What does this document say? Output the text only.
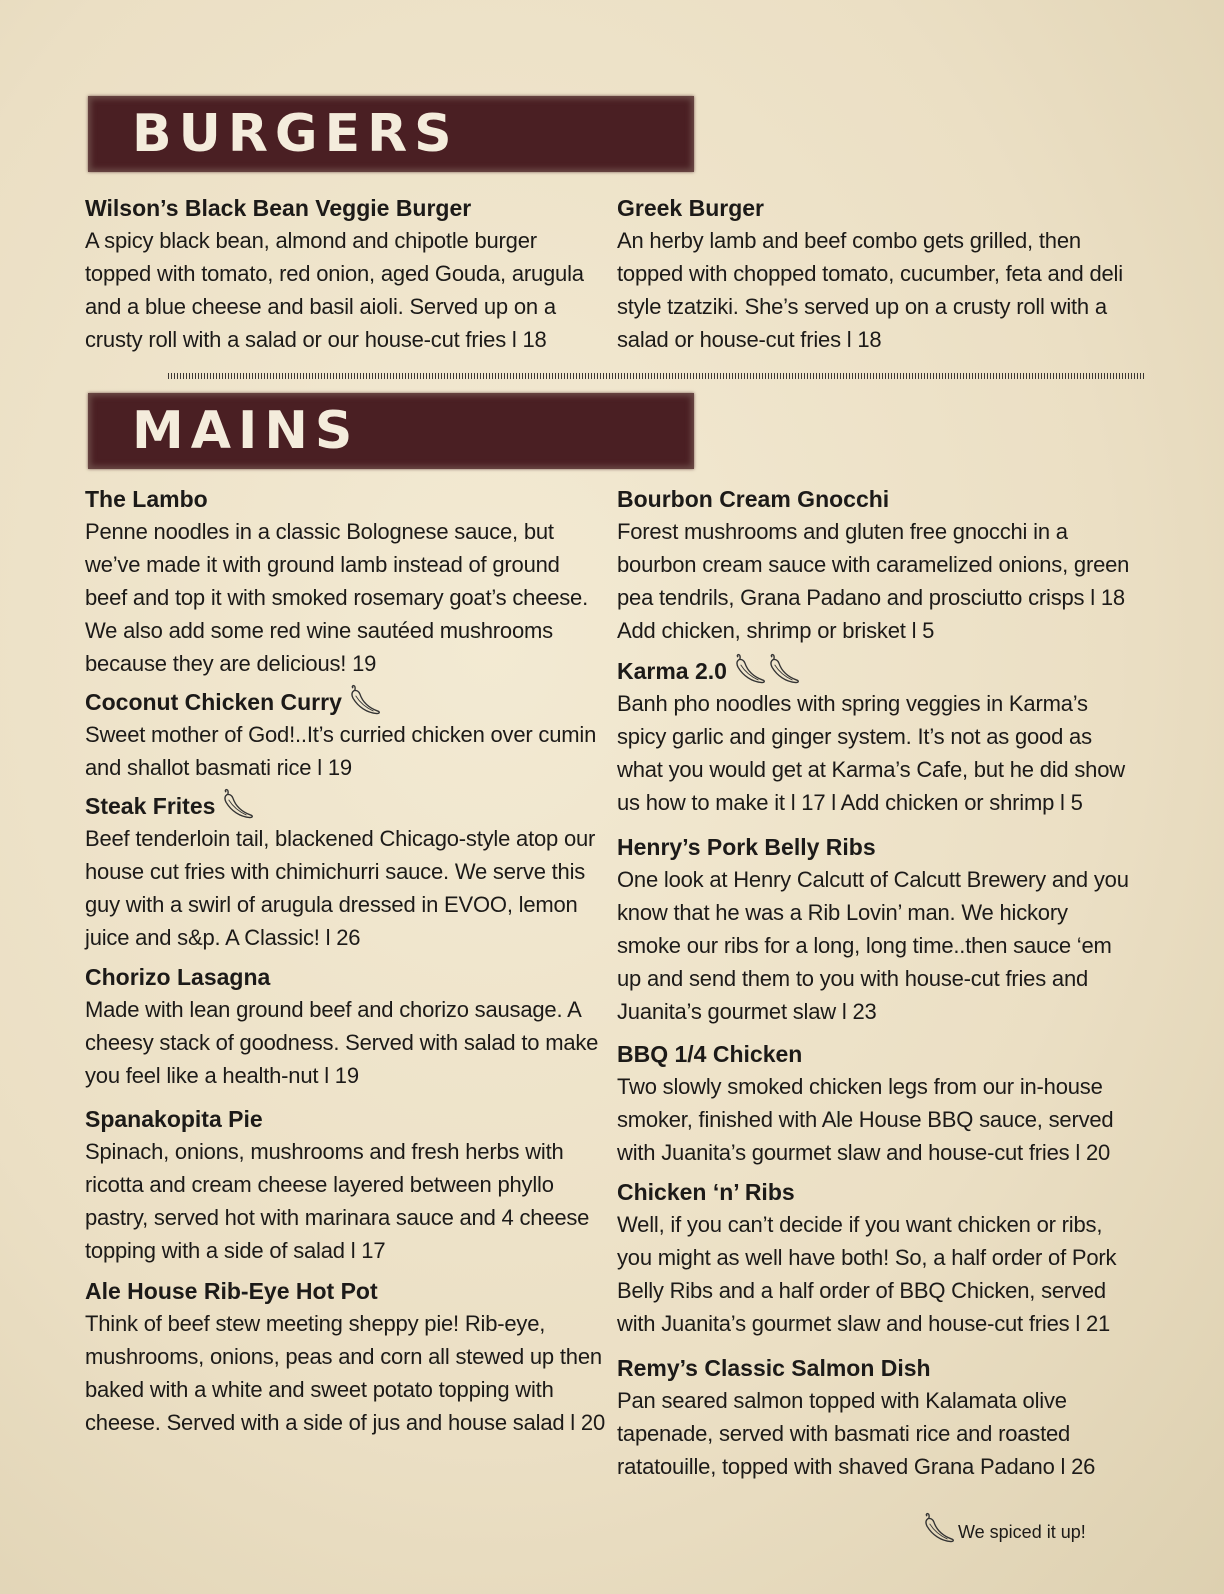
BURGERS
Wilson’s Black Bean Veggie Burger
A spicy black bean, almond and chipotle burger topped with tomato, red onion, aged Gouda, arugula and a blue cheese and basil aioli. Served up on a crusty roll with a salad or our house-cut fries l 18
Greek Burger
An herby lamb and beef combo gets grilled, then topped with chopped tomato, cucumber, feta and deli style tzatziki. She’s served up on a crusty roll with a salad or house-cut fries l 18
MAINS
The Lambo
Penne noodles in a classic Bolognese sauce, but we’ve made it with ground lamb instead of ground beef and top it with smoked rosemary goat’s cheese. We also add some red wine sautéed mushrooms because they are delicious! 19
Coconut Chicken Curry
Sweet mother of God!..It’s curried chicken over cumin and shallot basmati rice l 19
Steak Frites
Beef tenderloin tail, blackened Chicago-style atop our house cut fries with chimichurri sauce. We serve this guy with a swirl of arugula dressed in EVOO, lemon juice and s&p. A Classic! l 26
Chorizo Lasagna
Made with lean ground beef and chorizo sausage. A cheesy stack of goodness. Served with salad to make you feel like a health-nut l 19
Spanakopita Pie
Spinach, onions, mushrooms and fresh herbs with ricotta and cream cheese layered between phyllo pastry, served hot with marinara sauce and 4 cheese topping with a side of salad l 17
Ale House Rib-Eye Hot Pot
Think of beef stew meeting sheppy pie! Rib-eye, mushrooms, onions, peas and corn all stewed up then baked with a white and sweet potato topping with cheese. Served with a side of jus and house salad l 20
Bourbon Cream Gnocchi
Forest mushrooms and gluten free gnocchi in a bourbon cream sauce with caramelized onions, green pea tendrils, Grana Padano and prosciutto crisps l 18 Add chicken, shrimp or brisket l 5
Karma 2.0
Banh pho noodles with spring veggies in Karma’s spicy garlic and ginger system. It’s not as good as what you would get at Karma’s Cafe, but he did show us how to make it l 17 l Add chicken or shrimp l 5
Henry’s Pork Belly Ribs
One look at Henry Calcutt of Calcutt Brewery and you know that he was a Rib Lovin’ man. We hickory smoke our ribs for a long, long time..then sauce ‘em up and send them to you with house-cut fries and Juanita’s gourmet slaw l 23
BBQ 1/4 Chicken
Two slowly smoked chicken legs from our in-house smoker, finished with Ale House BBQ sauce, served with Juanita’s gourmet slaw and house-cut fries l 20
Chicken ‘n’ Ribs
Well, if you can’t decide if you want chicken or ribs, you might as well have both! So, a half order of Pork Belly Ribs and a half order of BBQ Chicken, served with Juanita’s gourmet slaw and house-cut fries l 21
Remy’s Classic Salmon Dish
Pan seared salmon topped with Kalamata olive tapenade, served with basmati rice and roasted ratatouille, topped with shaved Grana Padano l 26
We spiced it up!
